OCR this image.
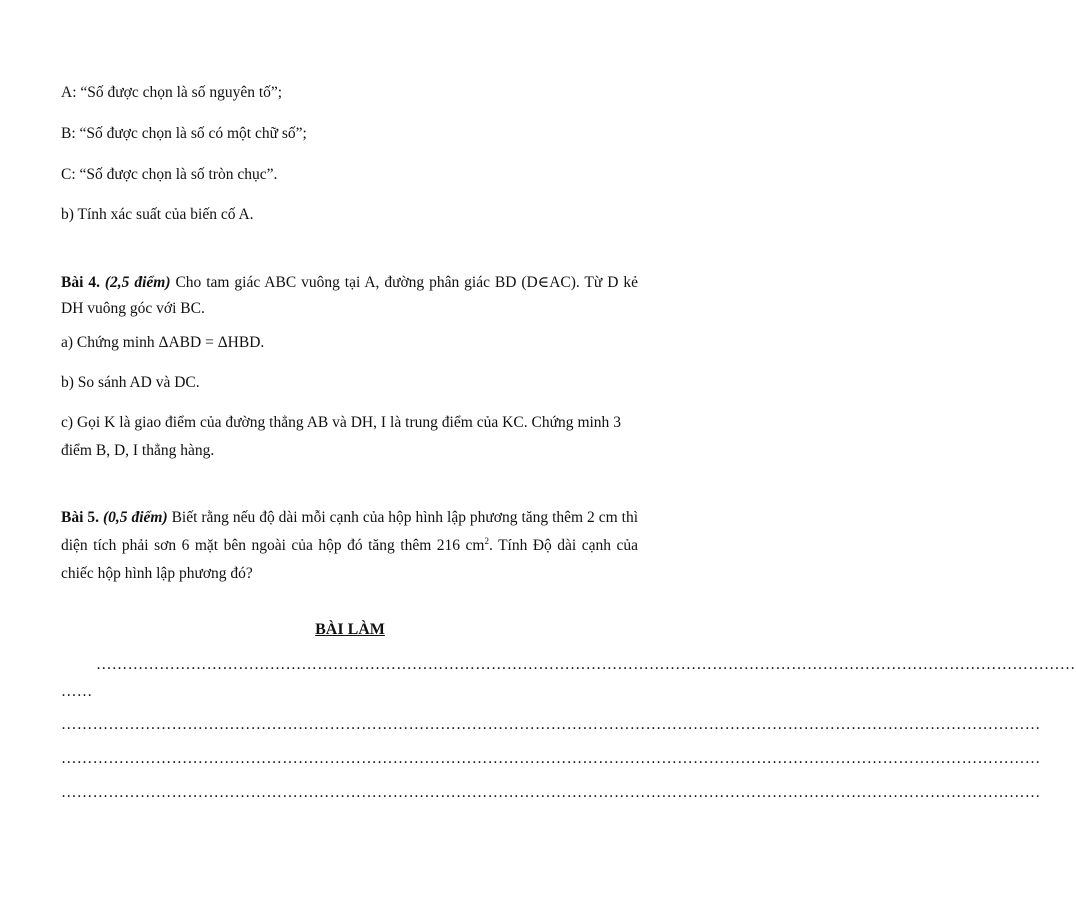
A: “Số được chọn là số nguyên tố”;
B: “Số được chọn là số có một chữ số”;
C: “Số được chọn là số tròn chục”.
b) Tính xác suất của biến cố A.
Bài 4. (2,5 điểm) Cho tam giác ABC vuông tại A, đường phân giác BD (D∈AC). Từ D kẻ
DH vuông góc với BC.
a) Chứng minh ΔABD = ΔHBD.
b) So sánh AD và DC.
c) Gọi K là giao điểm của đường thẳng AB và DH, I là trung điểm của KC. Chứng minh 3
điểm B, D, I thẳng hàng.
Bài 5. (0,5 điểm) Biết rằng nếu độ dài mỗi cạnh của hộp hình lập phương tăng thêm 2 cm thì
diện tích phải sơn 6 mặt bên ngoài của hộp đó tăng thêm 216 $cm^2$. Tính Độ dài cạnh của
chiếc hộp hình lập phương đó?
BÀI LÀM
……………………………………………………………………………………………………………………………………………………………………
……
……………………………………………………………………………………………………………………………………………………………………
……………………………………………………………………………………………………………………………………………………………………
……………………………………………………………………………………………………………………………………………………………………
